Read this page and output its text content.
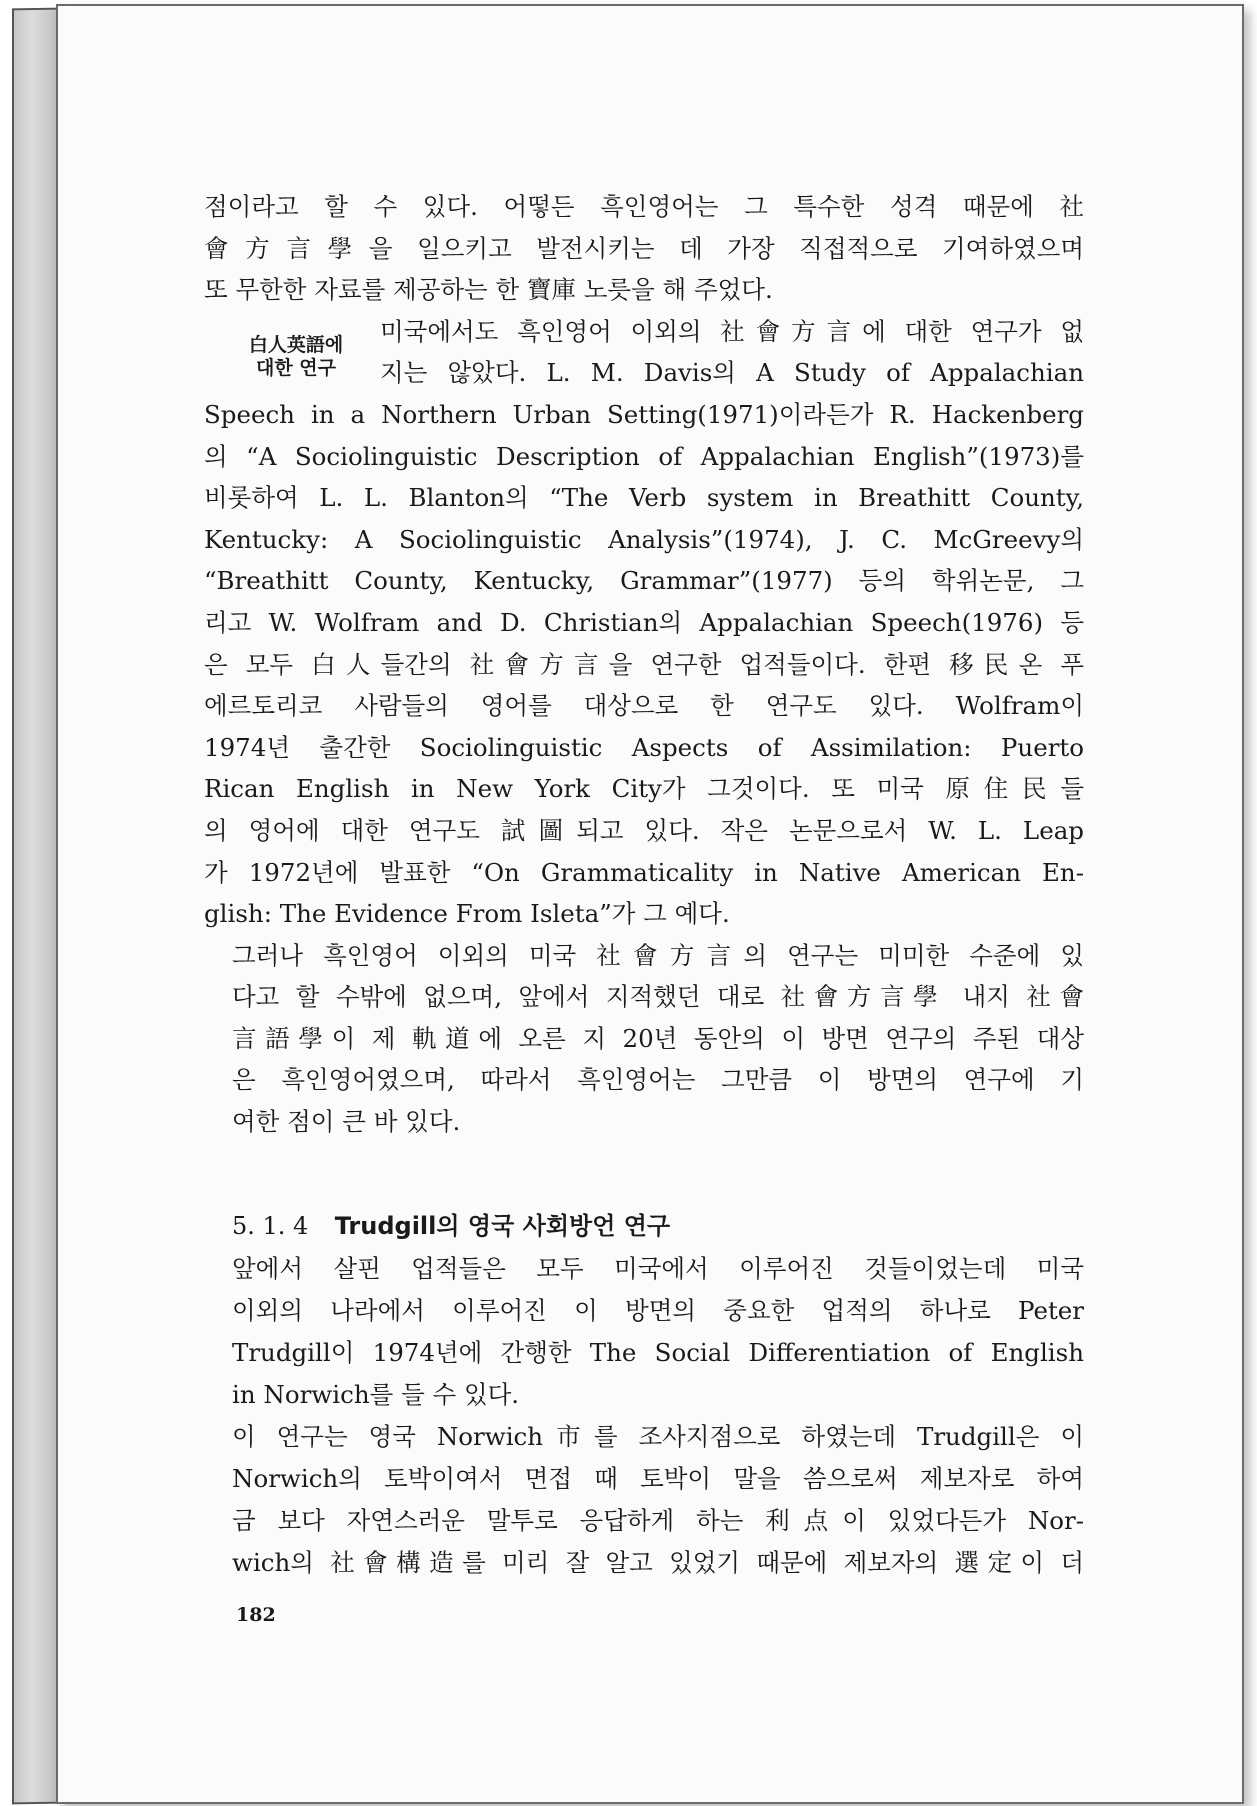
白人英語에
대한 연구

점이라고 할 수 있다. 어떻든 흑인영어는 그 특수한 성격 때문에 社
會方言學을 일으키고 발전시키는 데 가장 직접적으로 기여하였으며
또 무한한 자료를 제공하는 한 寶庫 노릇을 해 주었다.

미국에서도 흑인영어 이외의 社會方言에 대한 연구가 없
지는 않았다. L. M. Davis의 A Study of Appalachian
Speech in a Northern Urban Setting(1971)이라든가 R. Hackenberg
의 “A Sociolinguistic Description of Appalachian English”(1973)를
비롯하여 L. L. Blanton의 “The Verb system in Breathitt County,
Kentucky: A Sociolinguistic Analysis”(1974), J. C. McGreevy의
“Breathitt County, Kentucky, Grammar”(1977) 등의 학위논문, 그
리고 W. Wolfram and D. Christian의 Appalachian Speech(1976) 등
은 모두 白人들간의 社會方言을 연구한 업적들이다. 한편 移民온 푸
에르토리코 사람들의 영어를 대상으로 한 연구도 있다. Wolfram이
1974년 출간한 Sociolinguistic Aspects of Assimilation: Puerto
Rican English in New York City가 그것이다. 또 미국 原住民들
의 영어에 대한 연구도 試圖되고 있다. 작은 논문으로서 W. L. Leap
가 1972년에 발표한 “On Grammaticality in Native American En-
glish: The Evidence From Isleta”가 그 예다.

그러나 흑인영어 이외의 미국 社會方言의 연구는 미미한 수준에 있
다고 할 수밖에 없으며, 앞에서 지적했던 대로 社會方言學 내지 社會
言語學이 제 軌道에 오른 지 20년 동안의 이 방면 연구의 주된 대상
은 흑인영어였으며, 따라서 흑인영어는 그만큼 이 방면의 연구에 기
여한 점이 큰 바 있다.

5. 1. 4 Trudgill의 영국 사회방언 연구

앞에서 살핀 업적들은 모두 미국에서 이루어진 것들이었는데 미국
이외의 나라에서 이루어진 이 방면의 중요한 업적의 하나로 Peter
Trudgill이 1974년에 간행한 The Social Differentiation of English
in Norwich를 들 수 있다.

이 연구는 영국 Norwich市를 조사지점으로 하였는데 Trudgill은 이
Norwich의 토박이여서 면접 때 토박이 말을 씀으로써 제보자로 하여
금 보다 자연스러운 말투로 응답하게 하는 利点이 있었다든가 Nor-
wich의 社會構造를 미리 잘 알고 있었기 때문에 제보자의 選定이 더

182
